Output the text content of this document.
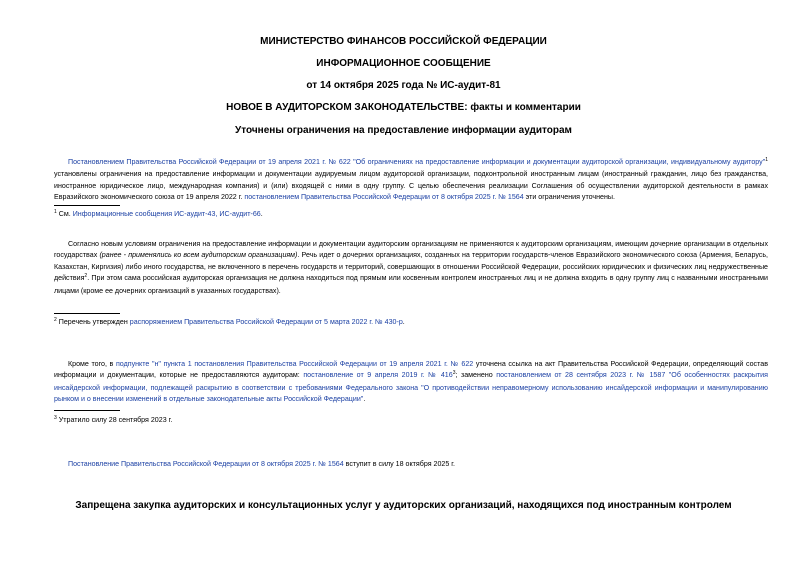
МИНИСТЕРСТВО ФИНАНСОВ РОССИЙСКОЙ ФЕДЕРАЦИИ
ИНФОРМАЦИОННОЕ СООБЩЕНИЕ
от 14 октября 2025 года № ИС-аудит-81
НОВОЕ В АУДИТОРСКОМ ЗАКОНОДАТЕЛЬСТВЕ: факты и комментарии
Уточнены ограничения на предоставление информации аудиторам

Постановлением Правительства Российской Федерации от 19 апреля 2021 г. № 622 "Об ограничениях на предоставление информации и документации аудиторской организации, индивидуальному аудитору"$^1$ установлены ограничения на предоставление информации и документации аудируемым лицом аудиторской организации, подконтрольной иностранным лицам (иностранный гражданин, лицо без гражданства, иностранное юридическое лицо, международная компания) и (или) входящей с ними в одну группу. С целью обеспечения реализации Соглашения об осуществлении аудиторской деятельности в рамках Евразийского экономического союза от 19 апреля 2022 г. постановлением Правительства Российской Федерации от 8 октября 2025 г. № 1564 эти ограничения уточнены.

$^1$ См. Информационные сообщения ИС-аудит-43, ИС-аудит-66.

Согласно новым условиям ограничения на предоставление информации и документации аудиторским организациям не применяются к аудиторским организациям, имеющим дочерние организации в отдельных государствах (ранее - применялись ко всем аудиторским организациям). Речь идет о дочерних организациях, созданных на территории государств-членов Евразийского экономического союза (Армения, Беларусь, Казахстан, Киргизия) либо иного государства, не включенного в перечень государств и территорий, совершающих в отношении Российской Федерации, российских юридических и физических лиц недружественные действия$^2$. При этом сама российская аудиторская организация не должна находиться под прямым или косвенным контролем иностранных лиц и не должна входить в одну группу лиц с названными иностранными лицами (кроме ее дочерних организаций в указанных государствах).

$^2$ Перечень утвержден распоряжением Правительства Российской Федерации от 5 марта 2022 г. № 430-р.

Кроме того, в подпункте "н" пункта 1 постановления Правительства Российской Федерации от 19 апреля 2021 г. № 622 уточнена ссылка на акт Правительства Российской Федерации, определяющий состав информации и документации, которые не предоставляются аудиторам: постановление от 9 апреля 2019 г. № $416^3$; заменено постановлением от 28 сентября 2023 г. № 1587 "Об особенностях раскрытия инсайдерской информации, подлежащей раскрытию в соответствии с требованиями Федерального закона "О противодействии неправомерному использованию инсайдерской информации и манипулированию рынком и о внесении изменений в отдельные законодательные акты Российской Федерации".

$^3$ Утратило силу 28 сентября 2023 г.

Постановление Правительства Российской Федерации от 8 октября 2025 г. № 1564 вступит в силу 18 октября 2025 г.

Запрещена закупка аудиторских и консультационных услуг у аудиторских организаций, находящихся под иностранным контролем
